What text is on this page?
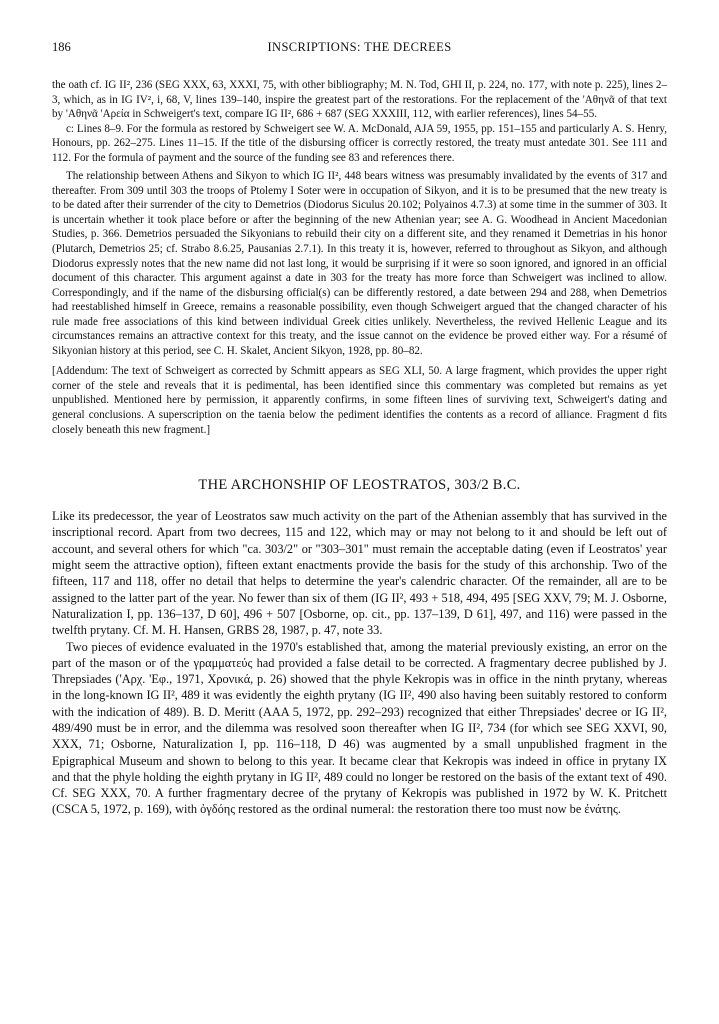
186	INSCRIPTIONS: THE DECREES

the oath cf. IG II², 236 (SEG XXX, 63, XXXI, 75, with other bibliography; M. N. Tod, GHI II, p. 224, no. 177, with note p. 225), lines 2–3, which, as in IG IV², i, 68, V, lines 139–140, inspire the greatest part of the restorations. For the replacement of the 'Αθηνᾶ of that text by 'Αθηνᾶ 'Αρεία in Schweigert's text, compare IG II², 686 + 687 (SEG XXXIII, 112, with earlier references), lines 54–55.

c: Lines 8–9. For the formula as restored by Schweigert see W. A. McDonald, AJA 59, 1955, pp. 151–155 and particularly A. S. Henry, Honours, pp. 262–275. Lines 11–15. If the title of the disbursing officer is correctly restored, the treaty must antedate 301. See 111 and 112. For the formula of payment and the source of the funding see 83 and references there.

The relationship between Athens and Sikyon to which IG II², 448 bears witness was presumably invalidated by the events of 317 and thereafter. From 309 until 303 the troops of Ptolemy I Soter were in occupation of Sikyon, and it is to be presumed that the new treaty is to be dated after their surrender of the city to Demetrios (Diodorus Siculus 20.102; Polyainos 4.7.3) at some time in the summer of 303. It is uncertain whether it took place before or after the beginning of the new Athenian year; see A. G. Woodhead in Ancient Macedonian Studies, p. 366. Demetrios persuaded the Sikyonians to rebuild their city on a different site, and they renamed it Demetrias in his honor (Plutarch, Demetrios 25; cf. Strabo 8.6.25, Pausanias 2.7.1). In this treaty it is, however, referred to throughout as Sikyon, and although Diodorus expressly notes that the new name did not last long, it would be surprising if it were so soon ignored, and ignored in an official document of this character. This argument against a date in 303 for the treaty has more force than Schweigert was inclined to allow. Correspondingly, and if the name of the disbursing official(s) can be differently restored, a date between 294 and 288, when Demetrios had reestablished himself in Greece, remains a reasonable possibility, even though Schweigert argued that the changed character of his rule made free associations of this kind between individual Greek cities unlikely. Nevertheless, the revived Hellenic League and its circumstances remains an attractive context for this treaty, and the issue cannot on the evidence be proved either way. For a résumé of Sikyonian history at this period, see C. H. Skalet, Ancient Sikyon, 1928, pp. 80–82.

[Addendum: The text of Schweigert as corrected by Schmitt appears as SEG XLI, 50. A large fragment, which provides the upper right corner of the stele and reveals that it is pedimental, has been identified since this commentary was completed but remains as yet unpublished. Mentioned here by permission, it apparently confirms, in some fifteen lines of surviving text, Schweigert's dating and general conclusions. A superscription on the taenia below the pediment identifies the contents as a record of alliance. Fragment d fits closely beneath this new fragment.]

THE ARCHONSHIP OF LEOSTRATOS, 303/2 B.C.

Like its predecessor, the year of Leostratos saw much activity on the part of the Athenian assembly that has survived in the inscriptional record. Apart from two decrees, 115 and 122, which may or may not belong to it and should be left out of account, and several others for which "ca. 303/2" or "303–301" must remain the acceptable dating (even if Leostratos' year might seem the attractive option), fifteen extant enactments provide the basis for the study of this archonship. Two of the fifteen, 117 and 118, offer no detail that helps to determine the year's calendric character. Of the remainder, all are to be assigned to the latter part of the year. No fewer than six of them (IG II², 493 + 518, 494, 495 [SEG XXV, 79; M. J. Osborne, Naturalization I, pp. 136–137, D 60], 496 + 507 [Osborne, op. cit., pp. 137–139, D 61], 497, and 116) were passed in the twelfth prytany. Cf. M. H. Hansen, GRBS 28, 1987, p. 47, note 33.

Two pieces of evidence evaluated in the 1970's established that, among the material previously existing, an error on the part of the mason or of the γραμματεύς had provided a false detail to be corrected. A fragmentary decree published by J. Threpsiades ('Αρχ. 'Εφ., 1971, Χρονικά, p. 26) showed that the phyle Kekropis was in office in the ninth prytany, whereas in the long-known IG II², 489 it was evidently the eighth prytany (IG II², 490 also having been suitably restored to conform with the indication of 489). B. D. Meritt (AAA 5, 1972, pp. 292–293) recognized that either Threpsiades' decree or IG II², 489/490 must be in error, and the dilemma was resolved soon thereafter when IG II², 734 (for which see SEG XXVI, 90, XXX, 71; Osborne, Naturalization I, pp. 116–118, D 46) was augmented by a small unpublished fragment in the Epigraphical Museum and shown to belong to this year. It became clear that Kekropis was indeed in office in prytany IX and that the phyle holding the eighth prytany in IG II², 489 could no longer be restored on the basis of the extant text of 490. Cf. SEG XXX, 70. A further fragmentary decree of the prytany of Kekropis was published in 1972 by W. K. Pritchett (CSCA 5, 1972, p. 169), with ὀγδόης restored as the ordinal numeral: the restoration there too must now be ἐνάτης.
